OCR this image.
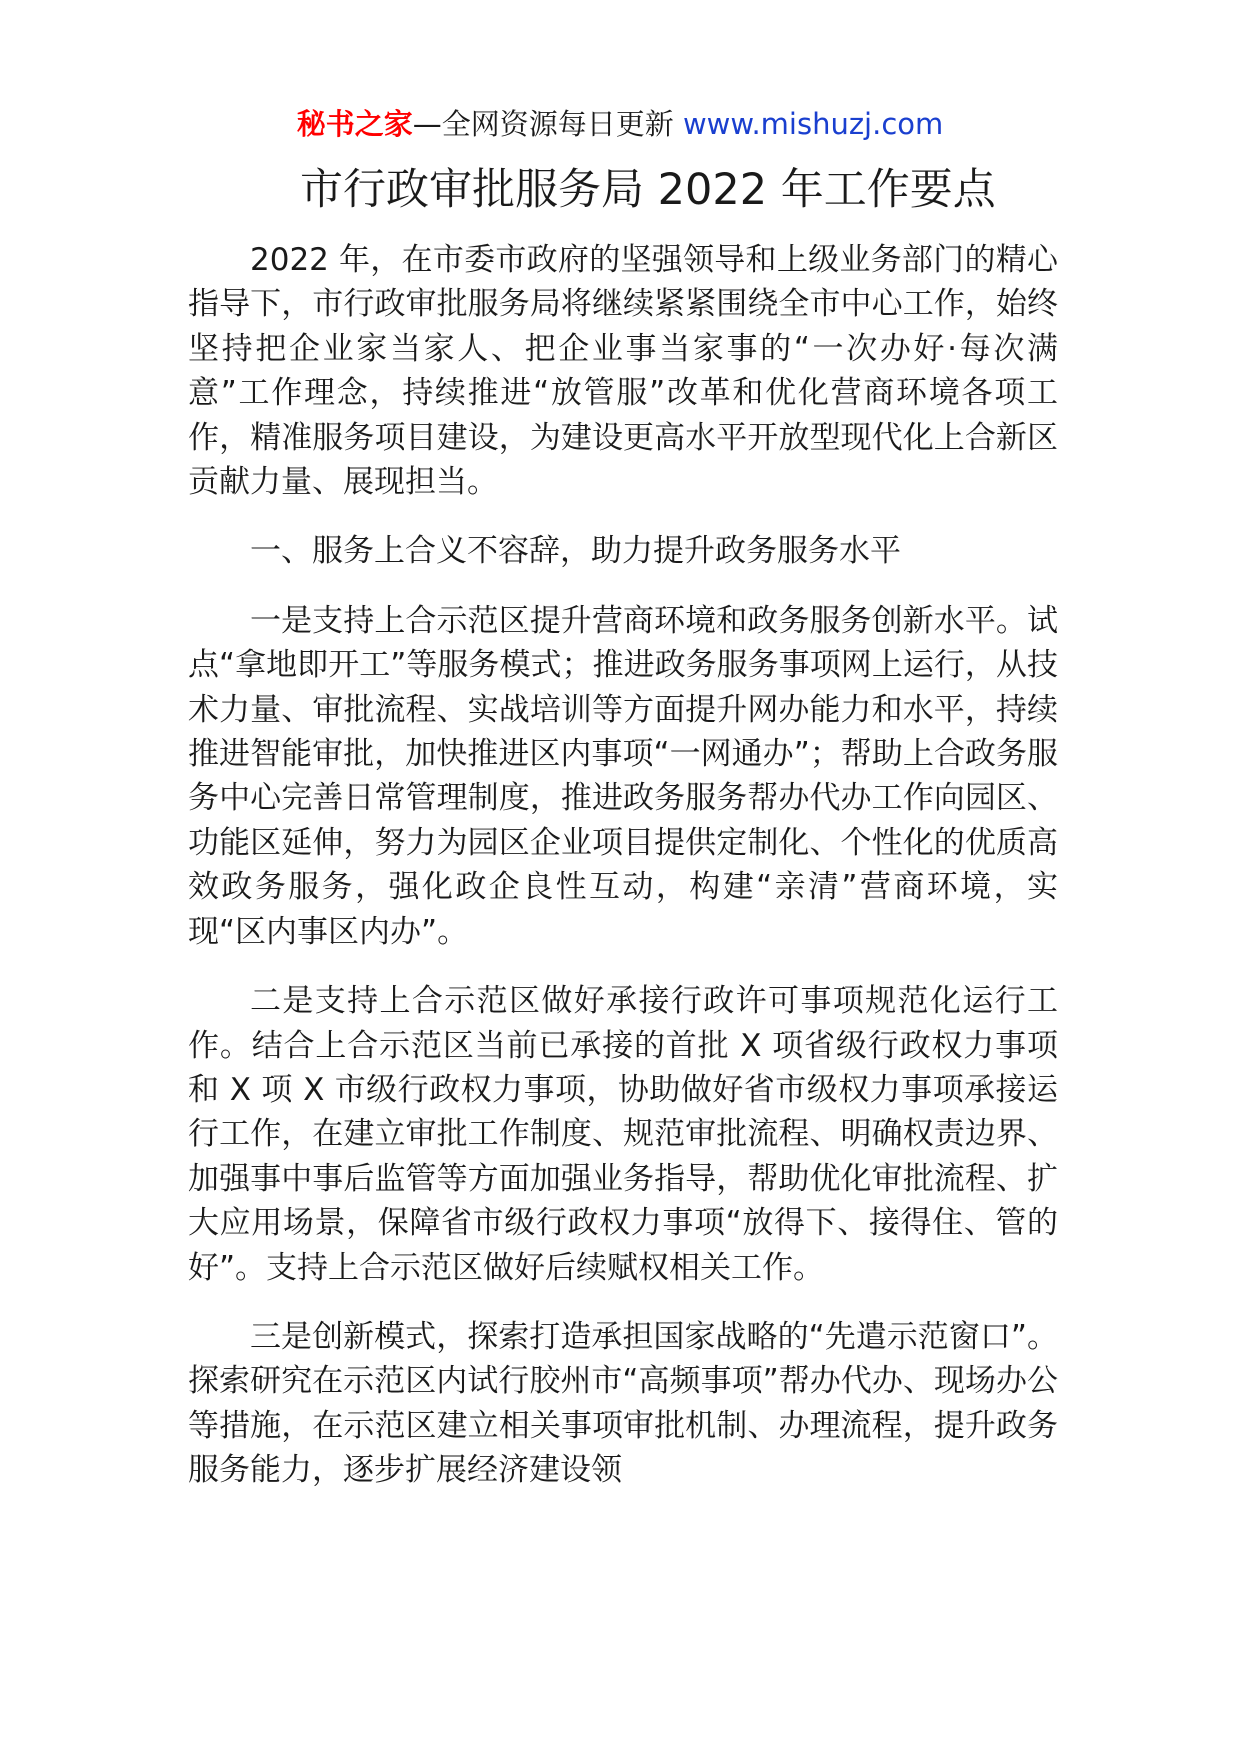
秘书之家—全网资源每日更新 www.mishuzj.com
市行政审批服务局 2022 年工作要点

2022 年，在市委市政府的坚强领导和上级业务部门的精心指导下，市行政审批服务局将继续紧紧围绕全市中心工作，始终坚持把企业家当家人、把企业事当家事的“一次办好·每次满意”工作理念，持续推进“放管服”改革和优化营商环境各项工作，精准服务项目建设，为建设更高水平开放型现代化上合新区贡献力量、展现担当。

一、服务上合义不容辞，助力提升政务服务水平

一是支持上合示范区提升营商环境和政务服务创新水平。试点“拿地即开工”等服务模式；推进政务服务事项网上运行，从技术力量、审批流程、实战培训等方面提升网办能力和水平，持续推进智能审批，加快推进区内事项“一网通办”；帮助上合政务服务中心完善日常管理制度，推进政务服务帮办代办工作向园区、功能区延伸，努力为园区企业项目提供定制化、个性化的优质高效政务服务，强化政企良性互动，构建“亲清”营商环境，实现“区内事区内办”。

二是支持上合示范区做好承接行政许可事项规范化运行工作。结合上合示范区当前已承接的首批 X 项省级行政权力事项和 X 项 X 市级行政权力事项，协助做好省市级权力事项承接运行工作，在建立审批工作制度、规范审批流程、明确权责边界、加强事中事后监管等方面加强业务指导，帮助优化审批流程、扩大应用场景，保障省市级行政权力事项“放得下、接得住、管的好”。支持上合示范区做好后续赋权相关工作。

三是创新模式，探索打造承担国家战略的“先遣示范窗口”。探索研究在示范区内试行胶州市“高频事项”帮办代办、现场办公等措施，在示范区建立相关事项审批机制、办理流程，提升政务服务能力，逐步扩展经济建设领
